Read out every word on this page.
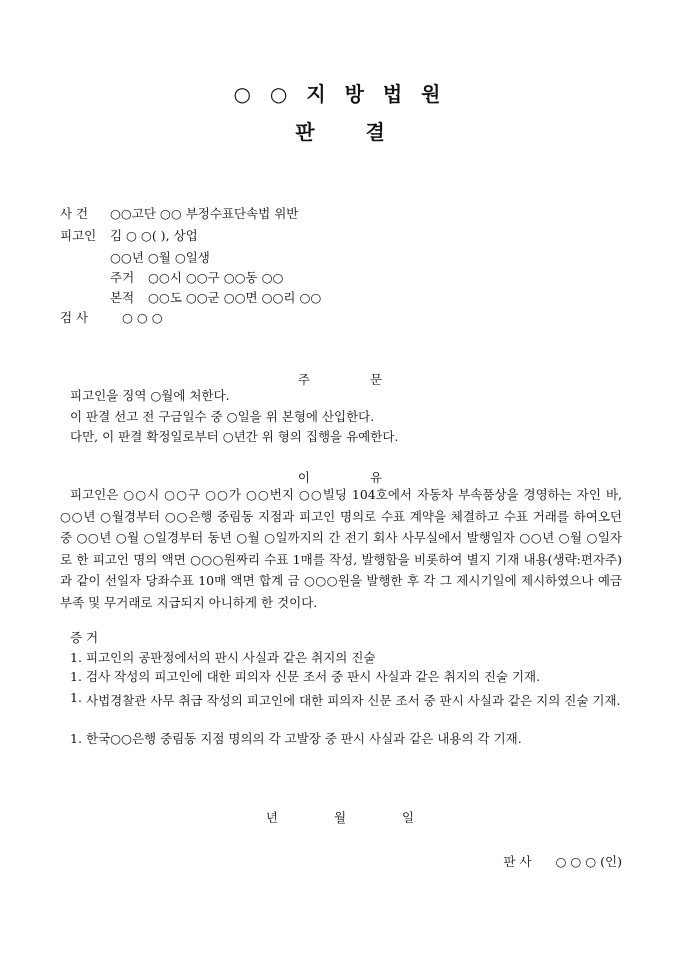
○ ○ 지 방 법 원
판	결
사 건 ○○고단 ○○ 부정수표단속법 위반
피고인 김 ○ ○( ), 상업
○○년 ○월 ○일생
주거 ○○시 ○○구 ○○동 ○○
본적 ○○도 ○○군 ○○면 ○○리 ○○
검 사	○ ○ ○
주	문
피고인을 징역 ○월에 처한다.
이 판결 선고 전 구금일수 중 ○일을 위 본형에 산입한다.
다만, 이 판결 확정일로부터 ○년간 위 형의 집행을 유예한다.
이	유
피고인은 ○○시 ○○구 ○○가 ○○번지 ○○빌딩 104호에서 자동차 부속품상을 경영하는 자인 바, ○○년 ○월경부터 ○○은행 중림동 지점과 피고인 명의로 수표 계약을 체결하고 수표 거래를 하여오던 중 ○○년 ○월 ○일경부터 동년 ○월 ○일까지의 간 전기 회사 사무실에서 발행일자 ○○년 ○월 ○일자로 한 피고인 명의 액면 ○○○원짜리 수표 1매를 작성, 발행함을 비롯하여 별지 기재 내용(생략:편자주)과 같이 선일자 당좌수표 10매 액면 합계 금 ○○○원을 발행한 후 각 그 제시기일에 제시하였으나 예금부족 및 무거래로 지급되지 아니하게 한 것이다.
증 거
1. 피고인의 공판정에서의 판시 사실과 같은 취지의 진술
1. 검사 작성의 피고인에 대한 피의자 신문 조서 중 판시 사실과 같은 취지의 진술 기재.
1. 사법경찰관 사무 취급 작성의 피고인에 대한 피의자 신문 조서 중 판시 사실과 같은 지의 진술 기재.
1. 한국○○은행 중림동 지점 명의의 각 고발장 중 판시 사실과 같은 내용의 각 기재.
년	월	일
판 사 ○ ○ ○ (인)
